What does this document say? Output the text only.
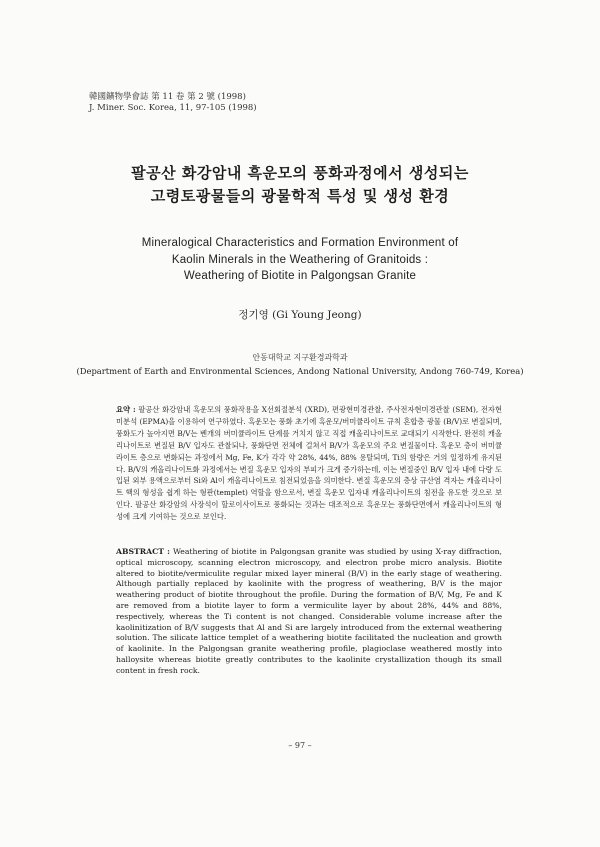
韓國鑛物學會誌 第 11 卷 第 2 號 (1998)
J. Miner. Soc. Korea, 11, 97-105 (1998)
팔공산 화강암내 흑운모의 풍화과정에서 생성되는
고령토광물들의 광물학적 특성 및 생성 환경
Mineralogical Characteristics and Formation Environment of
Kaolin Minerals in the Weathering of Granitoids :
Weathering of Biotite in Palgongsan Granite
정기영 (Gi Young Jeong)
안동대학교 지구환경과학과
(Department of Earth and Environmental Sciences, Andong National University, Andong 760-749, Korea)
요약 : 팔공산 화강암내 흑운모의 풍화작용을 X선회절분석 (XRD), 편광현미경관찰, 주사전자현미경관찰 (SEM), 전자현미분석 (EPMA)을 이용하여 연구하였다. 흑운모는 풍화 초기에 흑운모/버미큘라이트 규칙 혼합층 광물 (B/V)로 변질되며, 풍화도가 높아지면 B/V는 벤개의 버미큘라이트 단계를 거치지 않고 직접 캐올리나이트로 교대되기 시작한다. 완전히 캐올리나이트로 변질된 B/V 입자도 관찰되나, 풍화단면 전체에 걸쳐서 B/V가 흑운모의 주요 변질물이다. 흑운모 층이 버미큘라이트 층으로 변화되는 과정에서 Mg, Fe, K가 각각 약 28%, 44%, 88% 용탈되며, Ti의 함량은 거의 일정하게 유지된다. B/V의 캐올리나이트화 과정에서는 변질 흑운모 입자의 부피가 크게 증가하는데, 이는 변질중인 B/V 입자 내에 다량 도입된 외부 용액으로부터 Si와 Al이 캐올리나이트로 침전되었음을 의미한다. 변질 흑운모의 층상 규산염 격자는 캐올리나이트 핵의 형성을 쉽게 하는 형판(templet) 역할을 함으로서, 변질 흑운모 입자내 캐올리나이트의 침전을 유도한 것으로 보인다. 팔공산 화강암의 사장석이 할로이사이트로 풍화되는 것과는 대조적으로 흑운모는 풍화단면에서 캐올리나이트의 형성에 크게 기여하는 것으로 보인다.
ABSTRACT : Weathering of biotite in Palgongsan granite was studied by using X-ray diffraction, optical microscopy, scanning electron microscopy, and electron probe micro analysis. Biotite altered to biotite/vermiculite regular mixed layer mineral (B/V) in the early stage of weathering. Although partially replaced by kaolinite with the progress of weathering, B/V is the major weathering product of biotite throughout the profile. During the formation of B/V, Mg, Fe and K are removed from a biotite layer to form a vermiculite layer by about 28%, 44% and 88%, respectively, whereas the Ti content is not changed. Considerable volume increase after the kaolinitization of B/V suggests that Al and Si are largely introduced from the external weathering solution. The silicate lattice templet of a weathering biotite facilitated the nucleation and growth of kaolinite. In the Palgongsan granite weathering profile, plagioclase weathered mostly into halloysite whereas biotite greatly contributes to the kaolinite crystallization though its small content in fresh rock.
– 97 –
